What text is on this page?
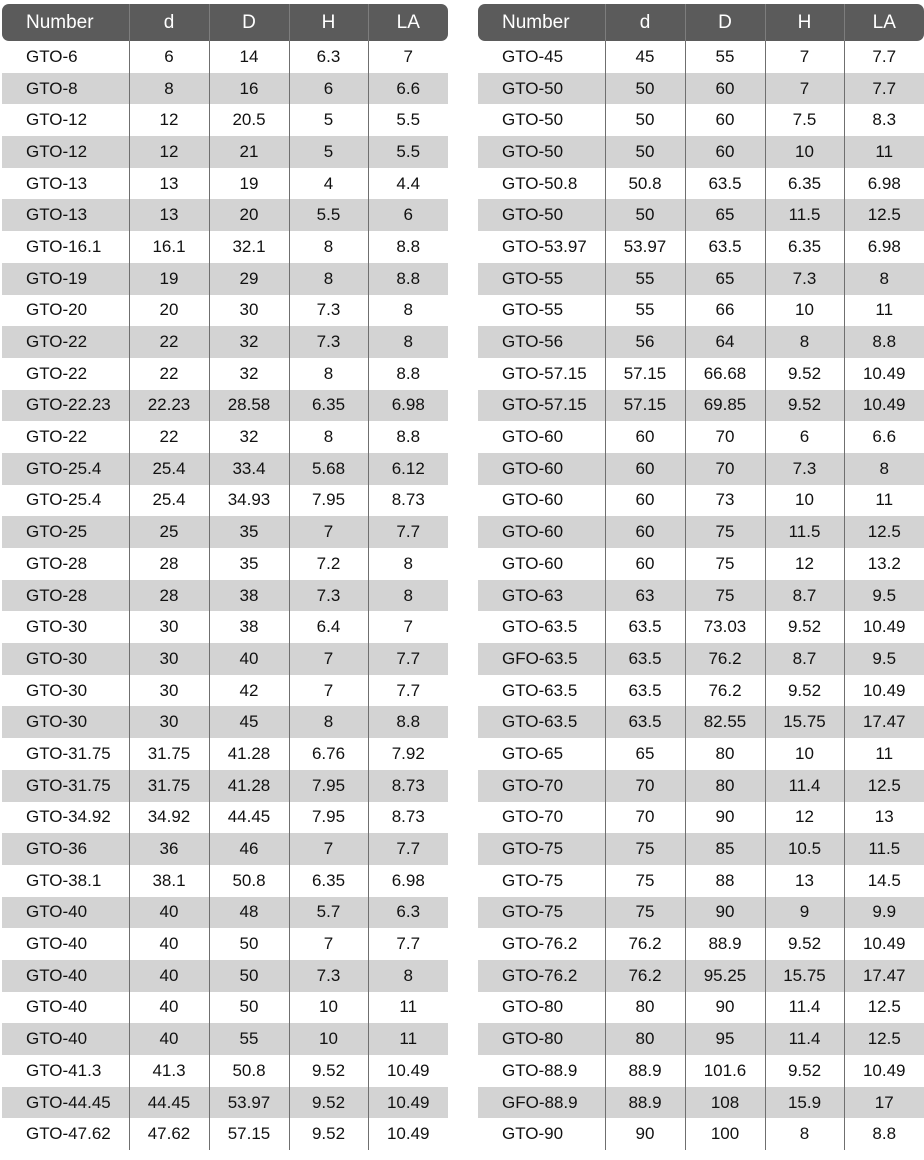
Number	d	D	H	LA
GTO-6	6	14	6.3	7
GTO-8	8	16	6	6.6
GTO-12	12	20.5	5	5.5
GTO-12	12	21	5	5.5
GTO-13	13	19	4	4.4
GTO-13	13	20	5.5	6
GTO-16.1	16.1	32.1	8	8.8
GTO-19	19	29	8	8.8
GTO-20	20	30	7.3	8
GTO-22	22	32	7.3	8
GTO-22	22	32	8	8.8
GTO-22.23	22.23	28.58	6.35	6.98
GTO-22	22	32	8	8.8
GTO-25.4	25.4	33.4	5.68	6.12
GTO-25.4	25.4	34.93	7.95	8.73
GTO-25	25	35	7	7.7
GTO-28	28	35	7.2	8
GTO-28	28	38	7.3	8
GTO-30	30	38	6.4	7
GTO-30	30	40	7	7.7
GTO-30	30	42	7	7.7
GTO-30	30	45	8	8.8
GTO-31.75	31.75	41.28	6.76	7.92
GTO-31.75	31.75	41.28	7.95	8.73
GTO-34.92	34.92	44.45	7.95	8.73
GTO-36	36	46	7	7.7
GTO-38.1	38.1	50.8	6.35	6.98
GTO-40	40	48	5.7	6.3
GTO-40	40	50	7	7.7
GTO-40	40	50	7.3	8
GTO-40	40	50	10	11
GTO-40	40	55	10	11
GTO-41.3	41.3	50.8	9.52	10.49
GTO-44.45	44.45	53.97	9.52	10.49
GTO-47.62	47.62	57.15	9.52	10.49
Number	d	D	H	LA
GTO-45	45	55	7	7.7
GTO-50	50	60	7	7.7
GTO-50	50	60	7.5	8.3
GTO-50	50	60	10	11
GTO-50.8	50.8	63.5	6.35	6.98
GTO-50	50	65	11.5	12.5
GTO-53.97	53.97	63.5	6.35	6.98
GTO-55	55	65	7.3	8
GTO-55	55	66	10	11
GTO-56	56	64	8	8.8
GTO-57.15	57.15	66.68	9.52	10.49
GTO-57.15	57.15	69.85	9.52	10.49
GTO-60	60	70	6	6.6
GTO-60	60	70	7.3	8
GTO-60	60	73	10	11
GTO-60	60	75	11.5	12.5
GTO-60	60	75	12	13.2
GTO-63	63	75	8.7	9.5
GTO-63.5	63.5	73.03	9.52	10.49
GFO-63.5	63.5	76.2	8.7	9.5
GTO-63.5	63.5	76.2	9.52	10.49
GTO-63.5	63.5	82.55	15.75	17.47
GTO-65	65	80	10	11
GTO-70	70	80	11.4	12.5
GTO-70	70	90	12	13
GTO-75	75	85	10.5	11.5
GTO-75	75	88	13	14.5
GTO-75	75	90	9	9.9
GTO-76.2	76.2	88.9	9.52	10.49
GTO-76.2	76.2	95.25	15.75	17.47
GTO-80	80	90	11.4	12.5
GTO-80	80	95	11.4	12.5
GTO-88.9	88.9	101.6	9.52	10.49
GFO-88.9	88.9	108	15.9	17
GTO-90	90	100	8	8.8
